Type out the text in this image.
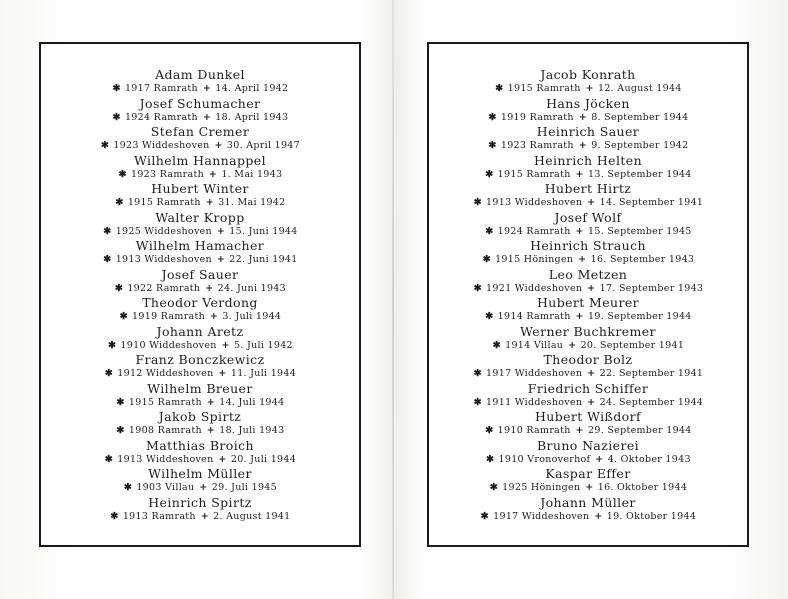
Adam Dunkel
✱ 1917 Ramrath + 14. April 1942
Josef Schumacher
✱ 1924 Ramrath + 18. April 1943
Stefan Cremer
✱ 1923 Widdeshoven + 30. April 1947
Wilhelm Hannappel
✱ 1923 Ramrath + 1. Mai 1943
Hubert Winter
✱ 1915 Ramrath + 31. Mai 1942
Walter Kropp
✱ 1925 Widdeshoven + 15. Juni 1944
Wilhelm Hamacher
✱ 1913 Widdeshoven + 22. Juni 1941
Josef Sauer
✱ 1922 Ramrath + 24. Juni 1943
Theodor Verdong
✱ 1919 Ramrath + 3. Juli 1944
Johann Aretz
✱ 1910 Widdeshoven + 5. Juli 1942
Franz Bonczkewicz
✱ 1912 Widdeshoven + 11. Juli 1944
Wilhelm Breuer
✱ 1915 Ramrath + 14. Juli 1944
Jakob Spirtz
✱ 1908 Ramrath + 18. Juli 1943
Matthias Broich
✱ 1913 Widdeshoven + 20. Juli 1944
Wilhelm Müller
✱ 1903 Villau + 29. Juli 1945
Heinrich Spirtz
✱ 1913 Ramrath + 2. August 1941
Jacob Konrath
✱ 1915 Ramrath + 12. August 1944
Hans Jöcken
✱ 1919 Ramrath + 8. September 1944
Heinrich Sauer
✱ 1923 Ramrath + 9. September 1942
Heinrich Helten
✱ 1915 Ramrath + 13. September 1944
Hubert Hirtz
✱ 1913 Widdeshoven + 14. September 1941
Josef Wolf
✱ 1924 Ramrath + 15. September 1945
Heinrich Strauch
✱ 1915 Höningen + 16. September 1943
Leo Metzen
✱ 1921 Widdeshoven + 17. September 1943
Hubert Meurer
✱ 1914 Ramrath + 19. September 1944
Werner Buchkremer
✱ 1914 Villau + 20. September 1941
Theodor Bolz
✱ 1917 Widdeshoven + 22. September 1941
Friedrich Schiffer
✱ 1911 Widdeshoven + 24. September 1944
Hubert Wißdorf
✱ 1910 Ramrath + 29. September 1944
Bruno Nazierei
✱ 1910 Vronoverhof + 4. Oktober 1943
Kaspar Effer
✱ 1925 Höningen + 16. Oktober 1944
Johann Müller
✱ 1917 Widdeshoven + 19. Oktober 1944
